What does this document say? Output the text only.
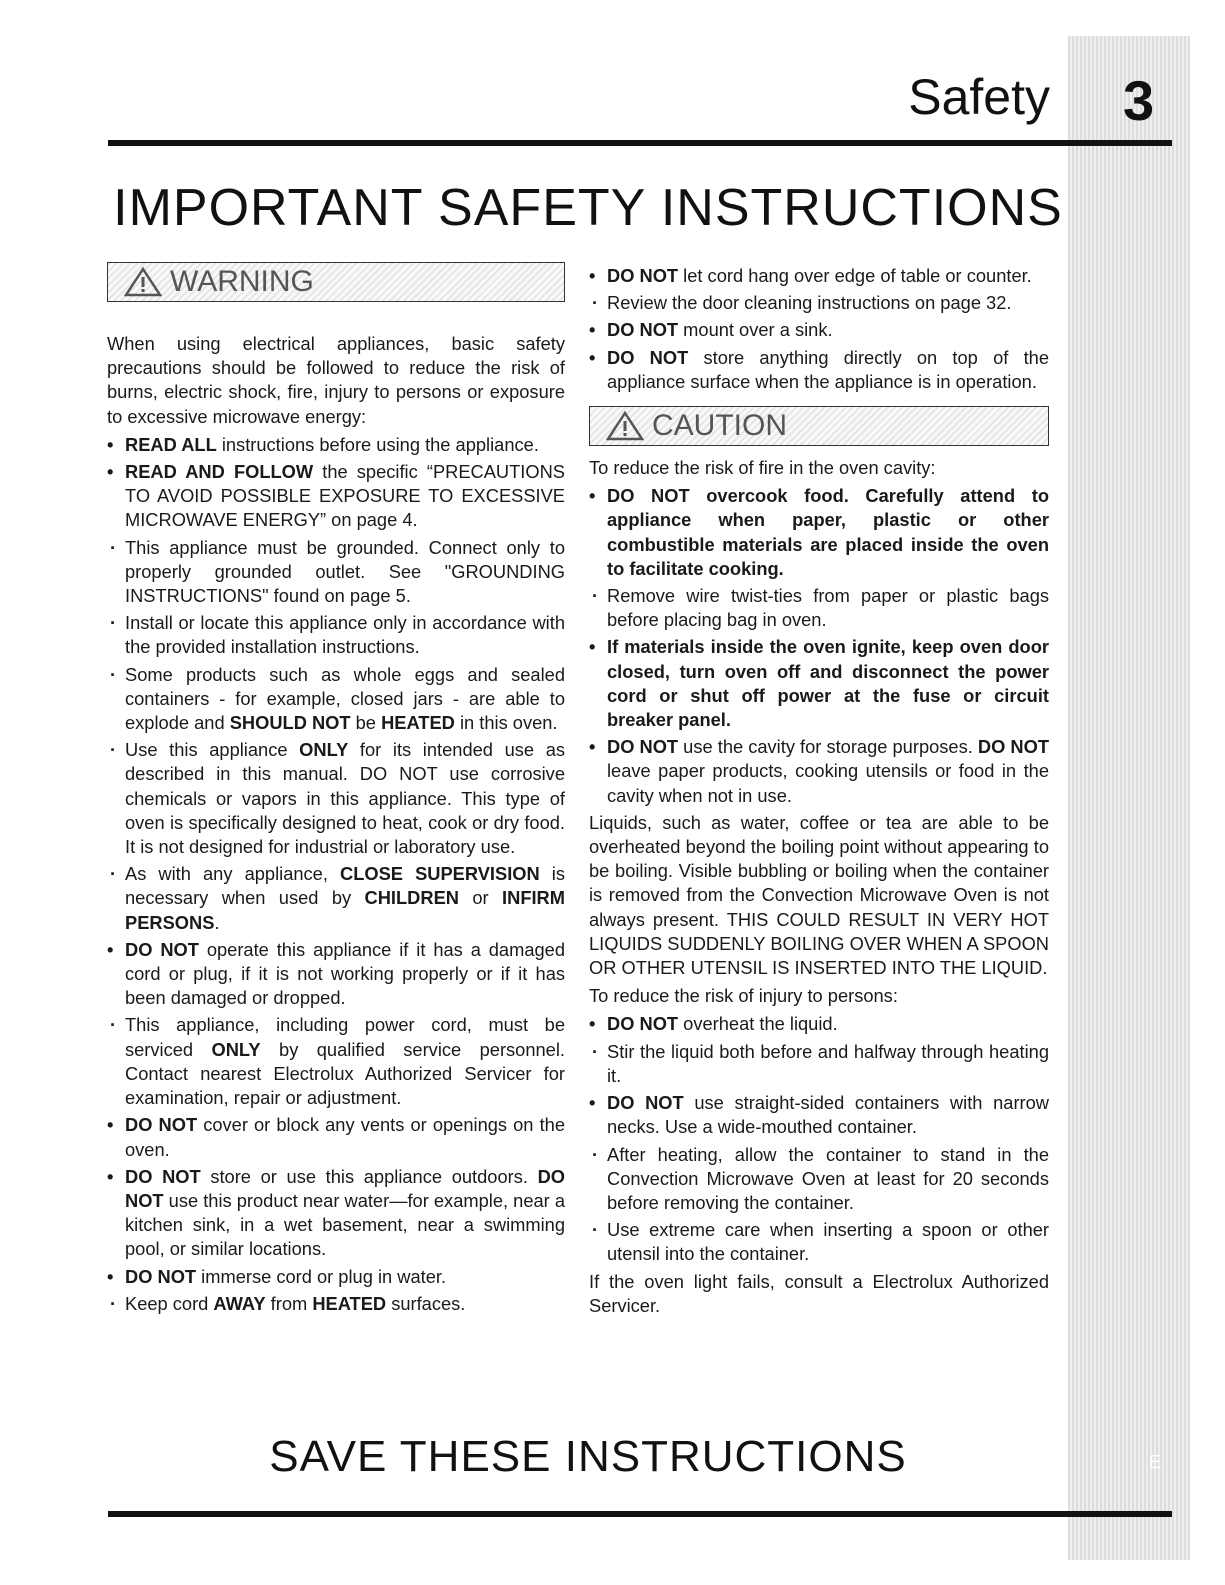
3
E
Safety
IMPORTANT SAFETY INSTRUCTIONS
WARNING

When using electrical appliances, basic safety precautions should be followed to reduce the risk of burns, electric shock, fire, injury to persons or exposure to excessive microwave energy:

• READ ALL instructions before using the appliance.
• READ AND FOLLOW the specific “PRECAUTIONS TO AVOID POSSIBLE EXPOSURE TO EXCESSIVE MICROWAVE ENERGY” on page 4.
· This appliance must be grounded. Connect only to properly grounded outlet. See "GROUNDING INSTRUCTIONS" found on page 5.
· Install or locate this appliance only in accordance with the provided installation instructions.
· Some products such as whole eggs and sealed containers - for example, closed jars - are able to explode and SHOULD NOT be HEATED in this oven.
· Use this appliance ONLY for its intended use as described in this manual. DO NOT use corrosive chemicals or vapors in this appliance. This type of oven is specifically designed to heat, cook or dry food. It is not designed for industrial or laboratory use.
· As with any appliance, CLOSE SUPERVISION is necessary when used by CHILDREN or INFIRM PERSONS.
• DO NOT operate this appliance if it has a damaged cord or plug, if it is not working properly or if it has been damaged or dropped.
· This appliance, including power cord, must be serviced ONLY by qualified service personnel. Contact nearest Electrolux Authorized Servicer for examination, repair or adjustment.
• DO NOT cover or block any vents or openings on the oven.
• DO NOT store or use this appliance outdoors. DO NOT use this product near water—for example, near a kitchen sink, in a wet basement, near a swimming pool, or similar locations.
• DO NOT immerse cord or plug in water.
· Keep cord AWAY from HEATED surfaces.
• DO NOT let cord hang over edge of table or counter.
· Review the door cleaning instructions on page 32.
• DO NOT mount over a sink.
• DO NOT store anything directly on top of the appliance surface when the appliance is in operation.
CAUTION

To reduce the risk of fire in the oven cavity:

• DO NOT overcook food. Carefully attend to appliance when paper, plastic or other combustible materials are placed inside the oven to facilitate cooking.
· Remove wire twist-ties from paper or plastic bags before placing bag in oven.
• If materials inside the oven ignite, keep oven door closed, turn oven off and disconnect the power cord or shut off power at the fuse or circuit breaker panel.
• DO NOT use the cavity for storage purposes. DO NOT leave paper products, cooking utensils or food in the cavity when not in use.

Liquids, such as water, coffee or tea are able to be overheated beyond the boiling point without appearing to be boiling. Visible bubbling or boiling when the container is removed from the Convection Microwave Oven is not always present. THIS COULD RESULT IN VERY HOT LIQUIDS SUDDENLY BOILING OVER WHEN A SPOON OR OTHER UTENSIL IS INSERTED INTO THE LIQUID.

To reduce the risk of injury to persons:

• DO NOT overheat the liquid.
· Stir the liquid both before and halfway through heating it.
• DO NOT use straight-sided containers with narrow necks. Use a wide-mouthed container.
· After heating, allow the container to stand in the Convection Microwave Oven at least for 20 seconds before removing the container.
· Use extreme care when inserting a spoon or other utensil into the container.

If the oven light fails, consult a Electrolux Authorized Servicer.

SAVE THESE INSTRUCTIONS
